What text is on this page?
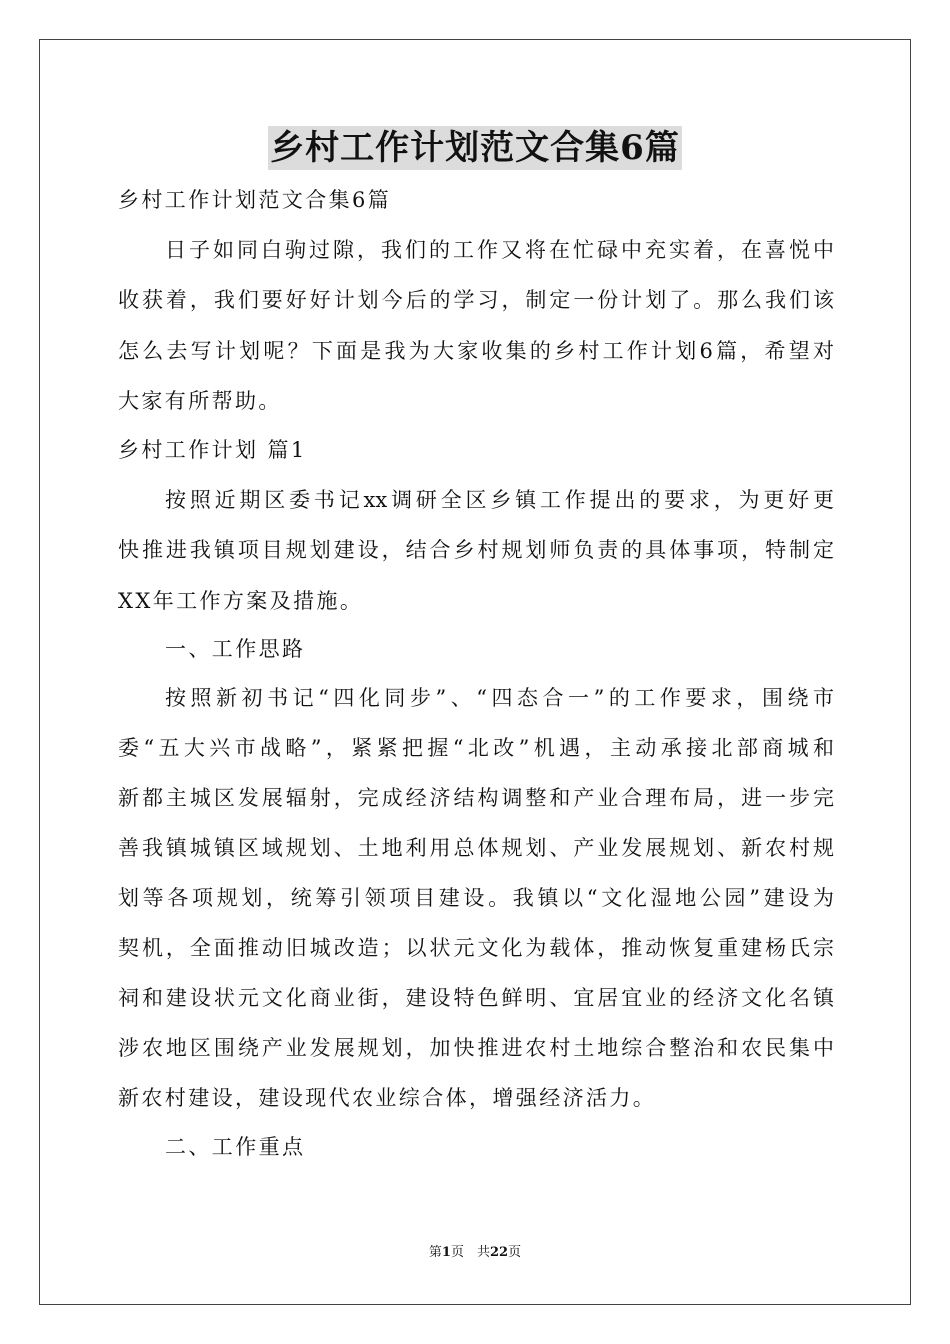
乡村工作计划范文合集6篇
乡村工作计划范文合集6篇
日子如同白驹过隙，我们的工作又将在忙碌中充实着，在喜悦中
收获着，我们要好好计划今后的学习，制定一份计划了。那么我们该
怎么去写计划呢？下面是我为大家收集的乡村工作计划6篇，希望对
大家有所帮助。
乡村工作计划 篇1
按照近期区委书记xx调研全区乡镇工作提出的要求，为更好更
快推进我镇项目规划建设，结合乡村规划师负责的具体事项，特制定
XX年工作方案及措施。
一、工作思路
按照新初书记“四化同步”、“四态合一”的工作要求，围绕市
委“五大兴市战略”，紧紧把握“北改”机遇，主动承接北部商城和
新都主城区发展辐射，完成经济结构调整和产业合理布局，进一步完
善我镇城镇区域规划、土地利用总体规划、产业发展规划、新农村规
划等各项规划，统筹引领项目建设。我镇以“文化湿地公园”建设为
契机，全面推动旧城改造；以状元文化为载体，推动恢复重建杨氏宗
祠和建设状元文化商业街，建设特色鲜明、宜居宜业的经济文化名镇
涉农地区围绕产业发展规划，加快推进农村土地综合整治和农民集中
新农村建设，建设现代农业综合体，增强经济活力。
二、工作重点
第1页　共22页
